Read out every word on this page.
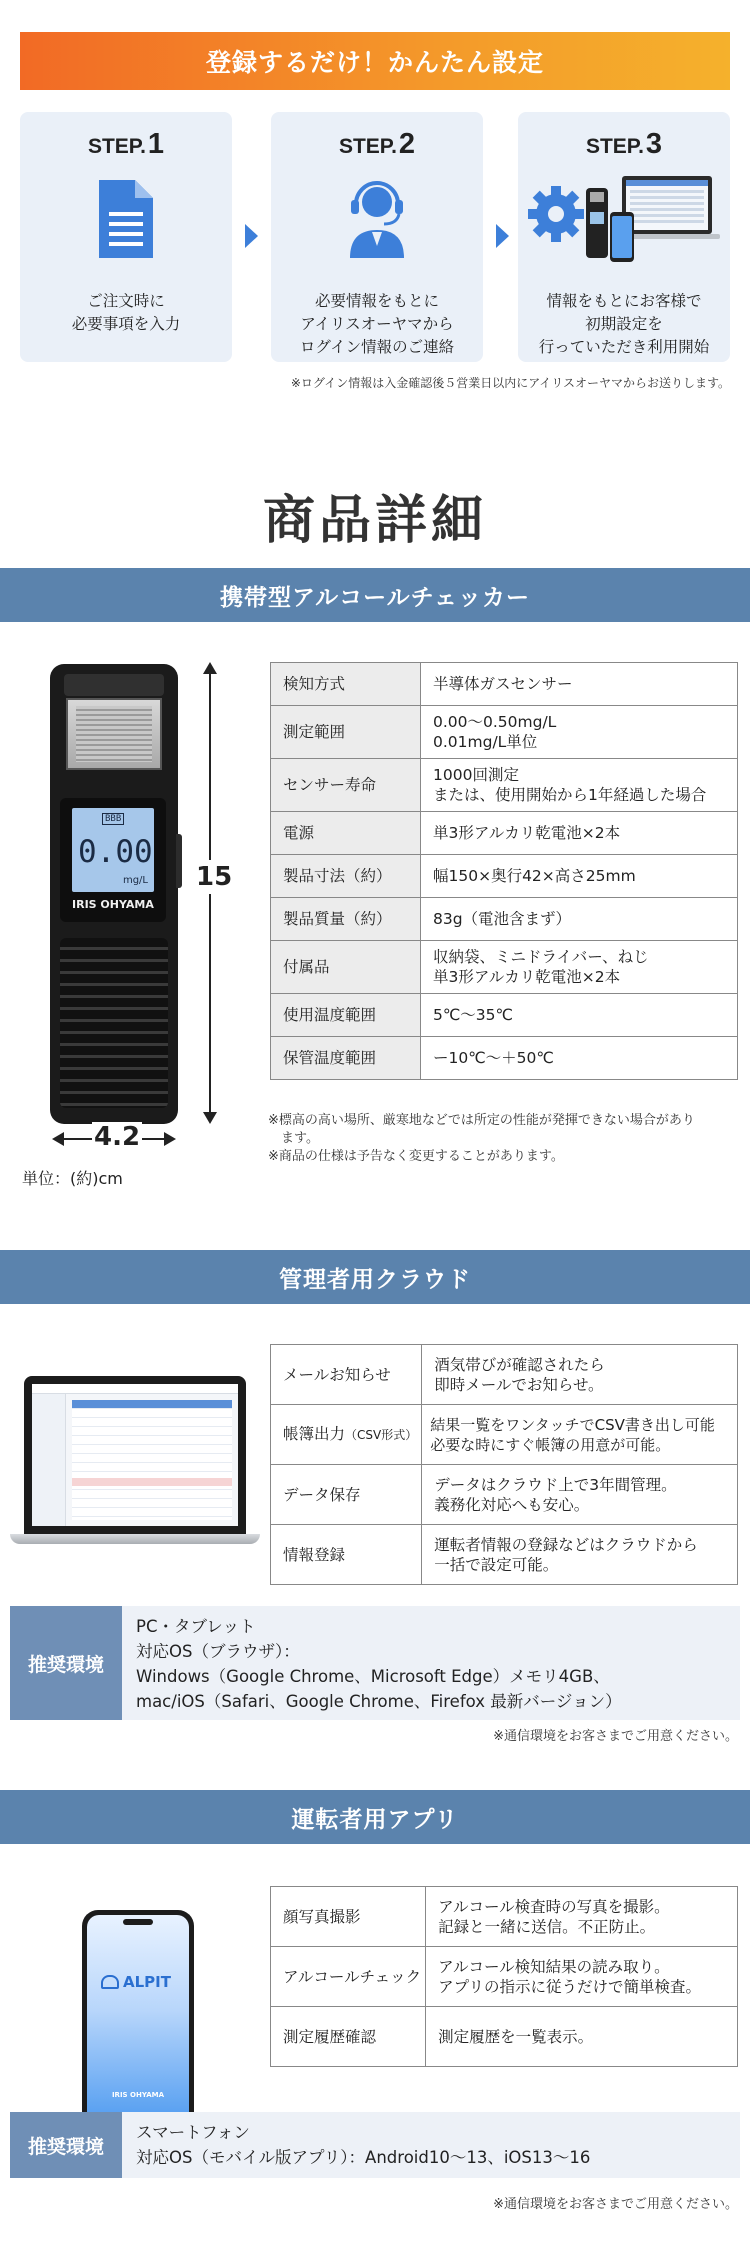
登録するだけ！かんたん設定
STEP.1
ご注文時に
必要事項を入力
STEP.2
必要情報をもとに
アイリスオーヤマから
ログイン情報のご連絡
STEP.3
情報をもとにお客様で
初期設定を
行っていただき利用開始
※ログイン情報は入金確認後５営業日以内にアイリスオーヤマからお送りします。
商品詳細
携帯型アルコールチェッカー
BBB
0.00
mg/L
IRIS OHYAMA
15
4.2
単位：(約)cm
検知方式	半導体ガスセンサー
測定範囲	0.00〜0.50mg/L
0.01mg/L単位
センサー寿命	1000回測定
または、使用開始から1年経過した場合
電源	単3形アルカリ乾電池×2本
製品寸法（約）	幅150×奥行42×高さ25mm
製品質量（約）	83g（電池含まず）
付属品	収納袋、ミニドライバー、ねじ
単3形アルカリ乾電池×2本
使用温度範囲	5℃〜35℃
保管温度範囲	ー10℃〜＋50℃
※標高の高い場所、厳寒地などでは所定の性能が発揮できない場合があり
　ます。
※商品の仕様は予告なく変更することがあります。
管理者用クラウド
メールお知らせ	酒気帯びが確認されたら
即時メールでお知らせ。
帳簿出力（CSV形式）	結果一覧をワンタッチでCSV書き出し可能
必要な時にすぐ帳簿の用意が可能。
データ保存	データはクラウド上で3年間管理。
義務化対応へも安心。
情報登録	運転者情報の登録などはクラウドから
一括で設定可能。
推奨環境
PC・タブレット
対応OS（ブラウザ）：
Windows（Google Chrome、Microsoft Edge）メモリ4GB、
mac/iOS（Safari、Google Chrome、Firefox 最新バージョン）
※通信環境をお客さまでご用意ください。
運転者用アプリ
ALPIT
IRIS OHYAMA
顔写真撮影	アルコール検査時の写真を撮影。
記録と一緒に送信。不正防止。
アルコールチェック	アルコール検知結果の読み取り。
アプリの指示に従うだけで簡単検査。
測定履歴確認	測定履歴を一覧表示。
推奨環境
スマートフォン
対応OS（モバイル版アプリ）：Android10〜13、iOS13〜16
※通信環境をお客さまでご用意ください。
